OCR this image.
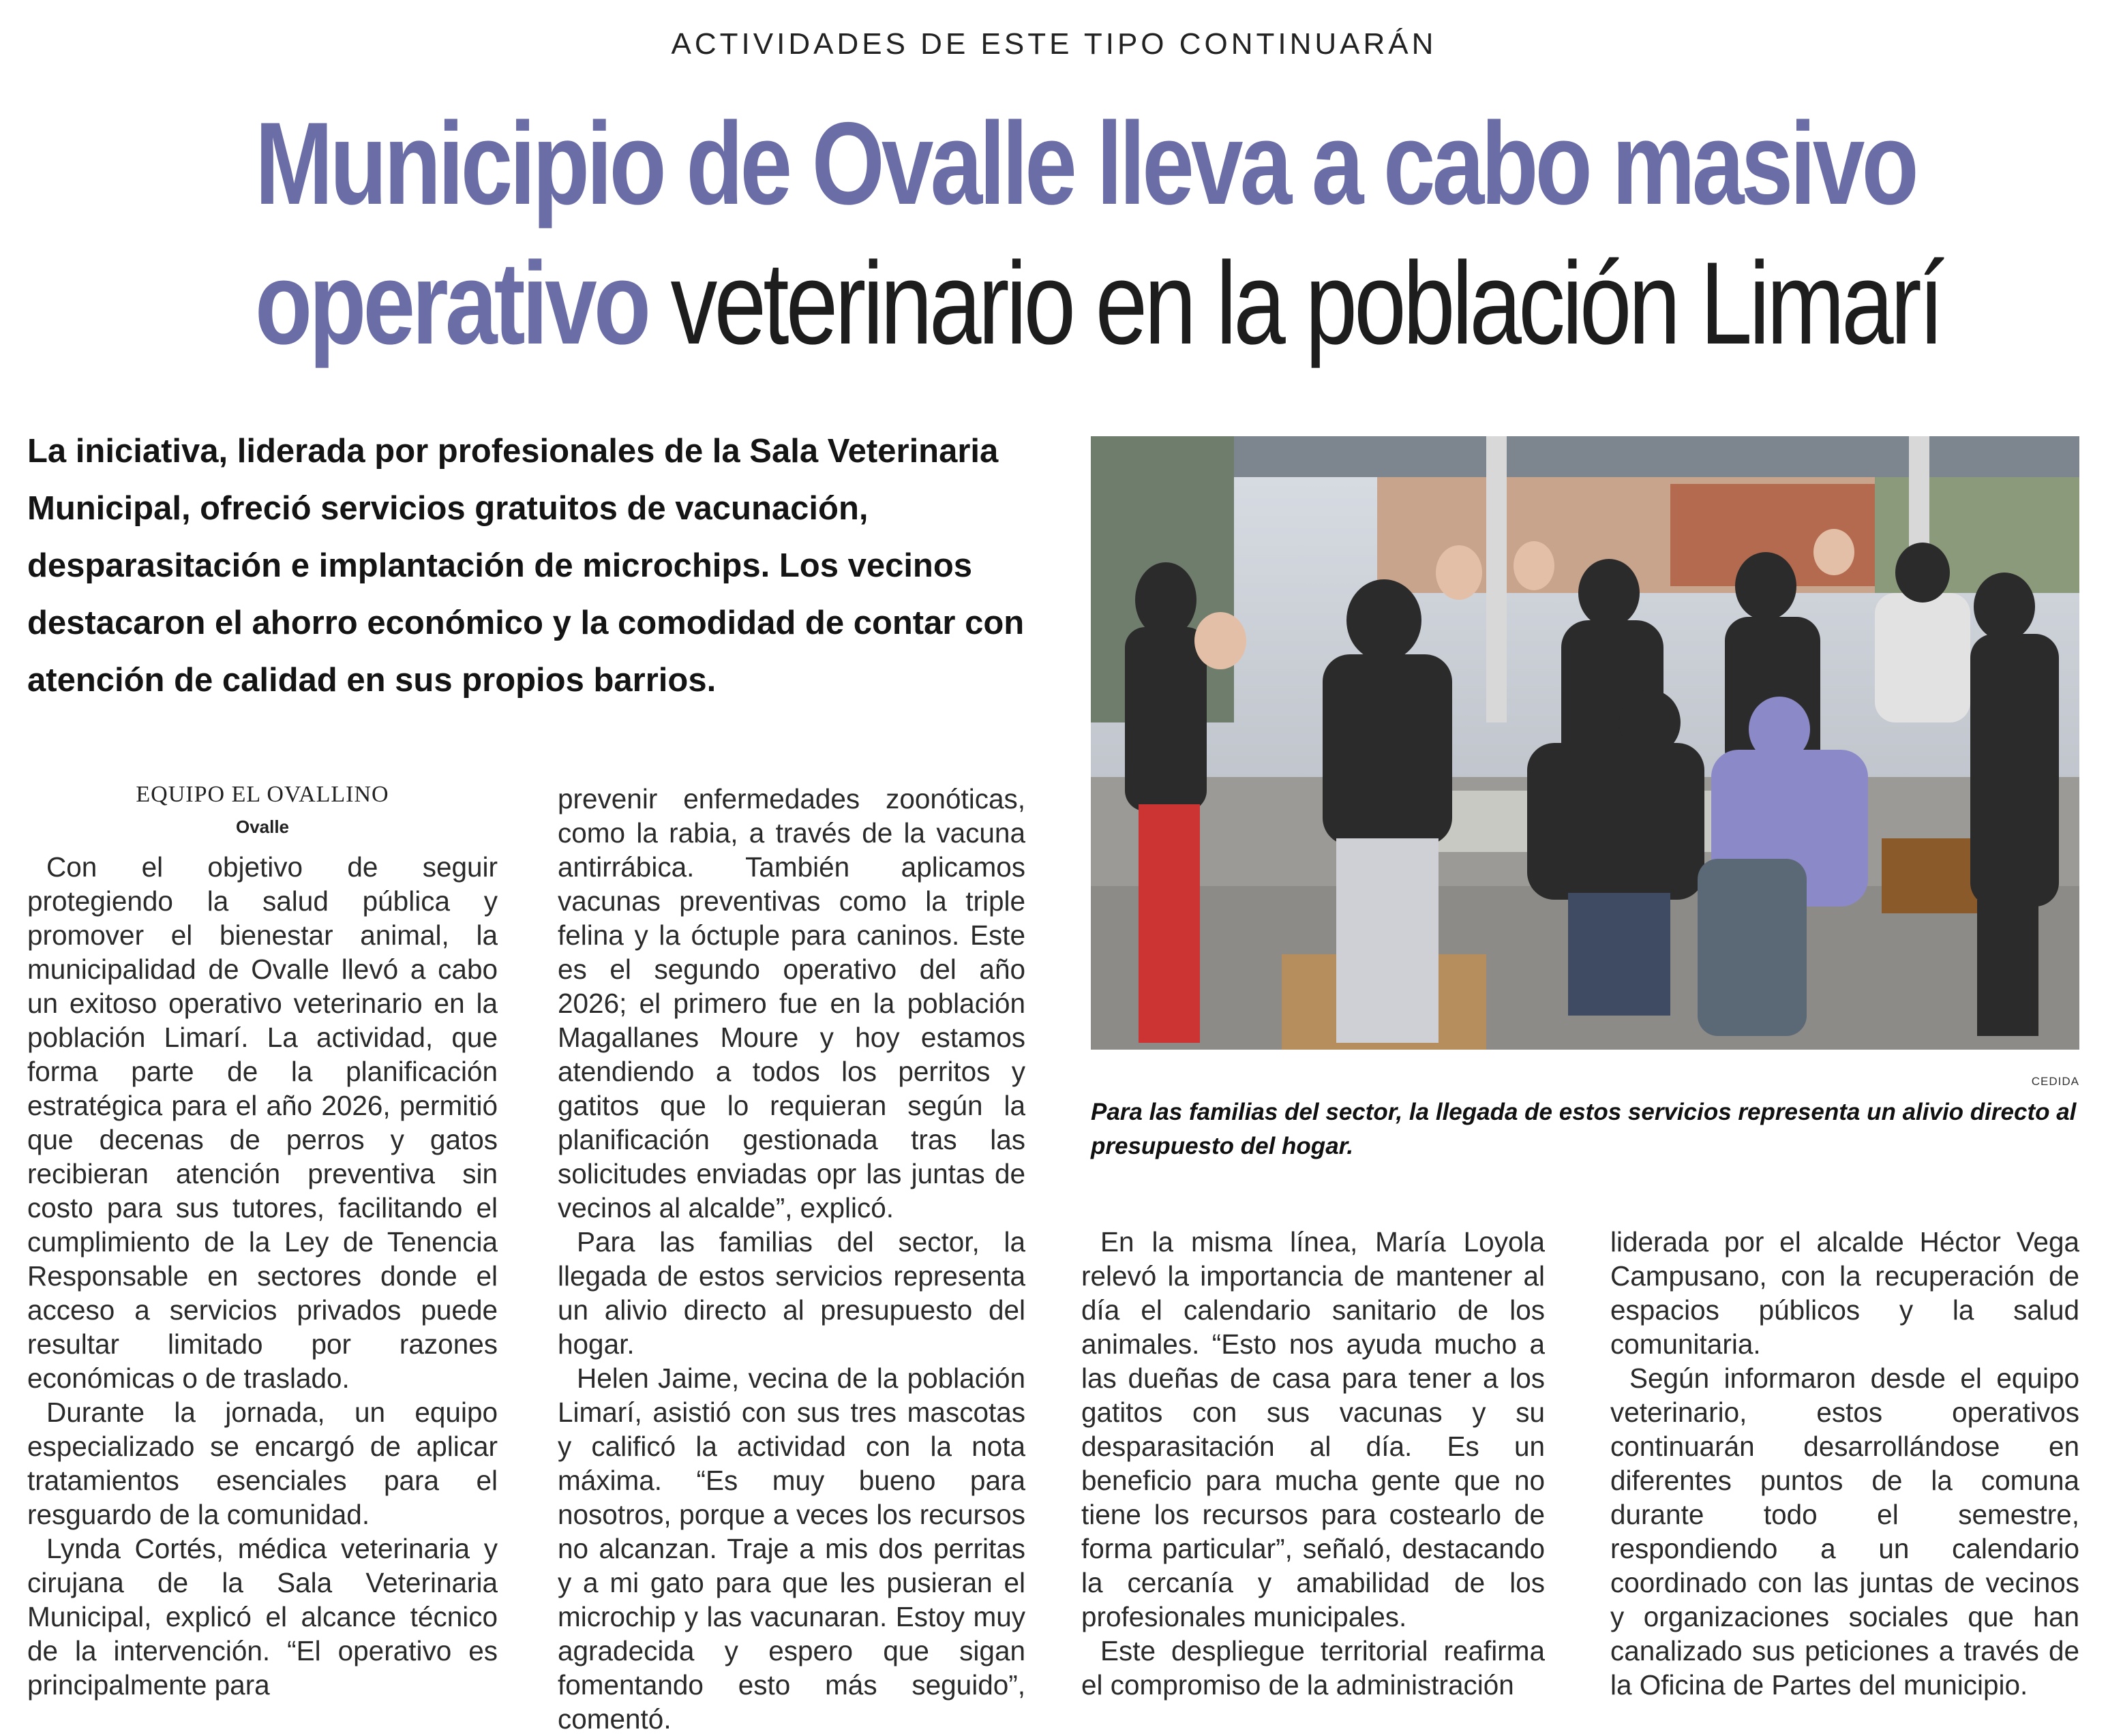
ACTIVIDADES DE ESTE TIPO CONTINUARÁN
Municipio de Ovalle lleva a cabo masivo
operativo veterinario en la población Limarí
La iniciativa, liderada por profesionales de la Sala Veterinaria Municipal, ofreció servicios gratuitos de vacunación, desparasitación e implantación de microchips. Los vecinos destacaron el ahorro económico y la comodidad de contar con atención de calidad en sus propios barrios.
CEDIDA
Para las familias del sector, la llegada de estos servicios representa un alivio directo al presupuesto del hogar.
EQUIPO EL OVALLINO
Ovalle

Con el objetivo de seguir protegiendo la salud pública y promover el bienestar animal, la municipalidad de Ovalle llevó a cabo un exitoso operativo veterinario en la población Limarí. La actividad, que forma parte de la planificación estratégica para el año 2026, permitió que decenas de perros y gatos recibieran atención preventiva sin costo para sus tutores, facilitando el cumplimiento de la Ley de Tenencia Responsable en sectores donde el acceso a servicios privados puede resultar limitado por razones económicas o de traslado.

Durante la jornada, un equipo especializado se encargó de aplicar tratamientos esenciales para el resguardo de la comunidad.

Lynda Cortés, médica veterinaria y cirujana de la Sala Veterinaria Municipal, explicó el alcance técnico de la intervención. “El operativo es principalmente para

prevenir enfermedades zoonóticas, como la rabia, a través de la vacuna antirrábica. También aplicamos vacunas preventivas como la triple felina y la óctuple para caninos. Este es el segundo operativo del año 2026; el primero fue en la población Magallanes Moure y hoy estamos atendiendo a todos los perritos y gatitos que lo requieran según la planificación gestionada tras las solicitudes enviadas opr las juntas de vecinos al alcalde”, explicó.

Para las familias del sector, la llegada de estos servicios representa un alivio directo al presupuesto del hogar.

Helen Jaime, vecina de la población Limarí, asistió con sus tres mascotas y calificó la actividad con la nota máxima. “Es muy bueno para nosotros, porque a veces los recursos no alcanzan. Traje a mis dos perritas y a mi gato para que les pusieran el microchip y las vacunaran. Estoy muy agradecida y espero que sigan fomentando esto más seguido”, comentó.

En la misma línea, María Loyola relevó la importancia de mantener al día el calendario sanitario de los animales. “Esto nos ayuda mucho a las dueñas de casa para tener a los gatitos con sus vacunas y su desparasitación al día. Es un beneficio para mucha gente que no tiene los recursos para costearlo de forma particular”, señaló, destacando la cercanía y amabilidad de los profesionales municipales.

Este despliegue territorial reafirma el compromiso de la administración

liderada por el alcalde Héctor Vega Campusano, con la recuperación de espacios públicos y la salud comunitaria.

Según informaron desde el equipo veterinario, estos operativos continuarán desarrollándose en diferentes puntos de la comuna durante todo el semestre, respondiendo a un calendario coordinado con las juntas de vecinos y organizaciones sociales que han canalizado sus peticiones a través de la Oficina de Partes del municipio.
